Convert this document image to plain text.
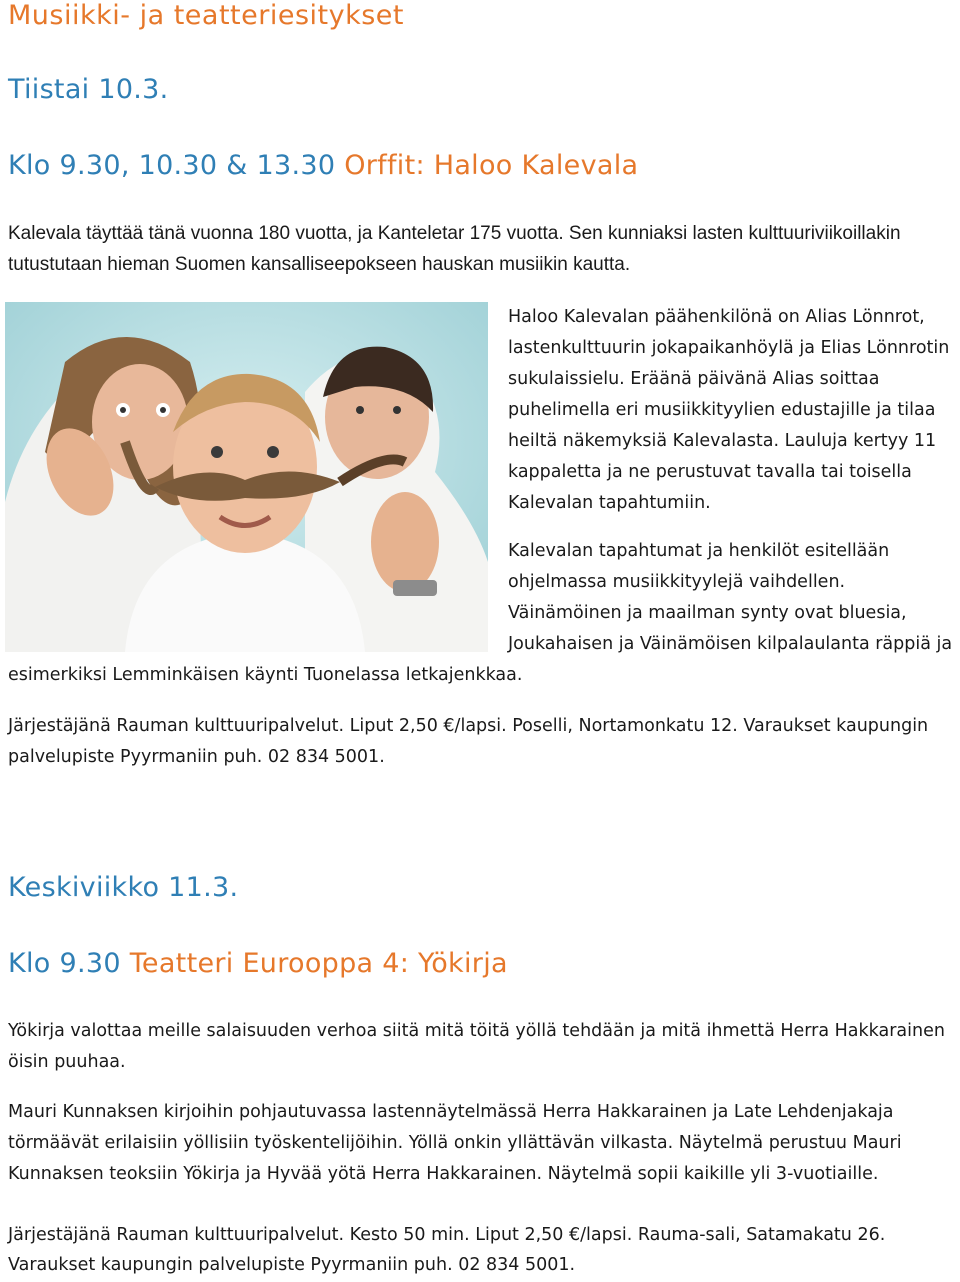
Musiikki- ja teatteriesitykset
Tiistai 10.3.
Klo 9.30, 10.30 & 13.30 Orffit: Haloo Kalevala

Kalevala täyttää tänä vuonna 180 vuotta, ja Kanteletar 175 vuotta. Sen kunniaksi lasten kulttuuriviikoillakin

tutustutaan hieman Suomen kansalliseepokseen hauskan musiikin kautta.

Haloo Kalevalan päähenkilönä on Alias Lönnrot,
lastenkulttuurin jokapaikanhöylä ja Elias Lönnrotin
sukulaissielu. Eräänä päivänä Alias soittaa
puhelimella eri musiikkityylien edustajille ja tilaa
heiltä näkemyksiä Kalevalasta. Lauluja kertyy 11
kappaletta ja ne perustuvat tavalla tai toisella
Kalevalan tapahtumiin.
Kalevalan tapahtumat ja henkilöt esitellään
ohjelmassa musiikkityylejä vaihdellen.
Väinämöinen ja maailman synty ovat bluesia,
Joukahaisen ja Väinämöisen kilpalaulanta räppiä ja

esimerkiksi Lemminkäisen käynti Tuonelassa letkajenkkaa.

Järjestäjänä Rauman kulttuuripalvelut. Liput 2,50 €/lapsi. Poselli, Nortamonkatu 12. Varaukset kaupungin

palvelupiste Pyyrmaniin puh. 02 834 5001.

Keskiviikko 11.3.
Klo 9.30 Teatteri Eurooppa 4: Yökirja

Yökirja valottaa meille salaisuuden verhoa siitä mitä töitä yöllä tehdään ja mitä ihmettä Herra Hakkarainen

öisin puuhaa.

Mauri Kunnaksen kirjoihin pohjautuvassa lastennäytelmässä Herra Hakkarainen ja Late Lehdenjakaja

törmäävät erilaisiin yöllisiin työskentelijöihin. Yöllä onkin yllättävän vilkasta. Näytelmä perustuu Mauri

Kunnaksen teoksiin Yökirja ja Hyvää yötä Herra Hakkarainen. Näytelmä sopii kaikille yli 3-vuotiaille.

Järjestäjänä Rauman kulttuuripalvelut. Kesto 50 min. Liput 2,50 €/lapsi. Rauma-sali, Satamakatu 26.

Varaukset kaupungin palvelupiste Pyyrmaniin puh. 02 834 5001.
